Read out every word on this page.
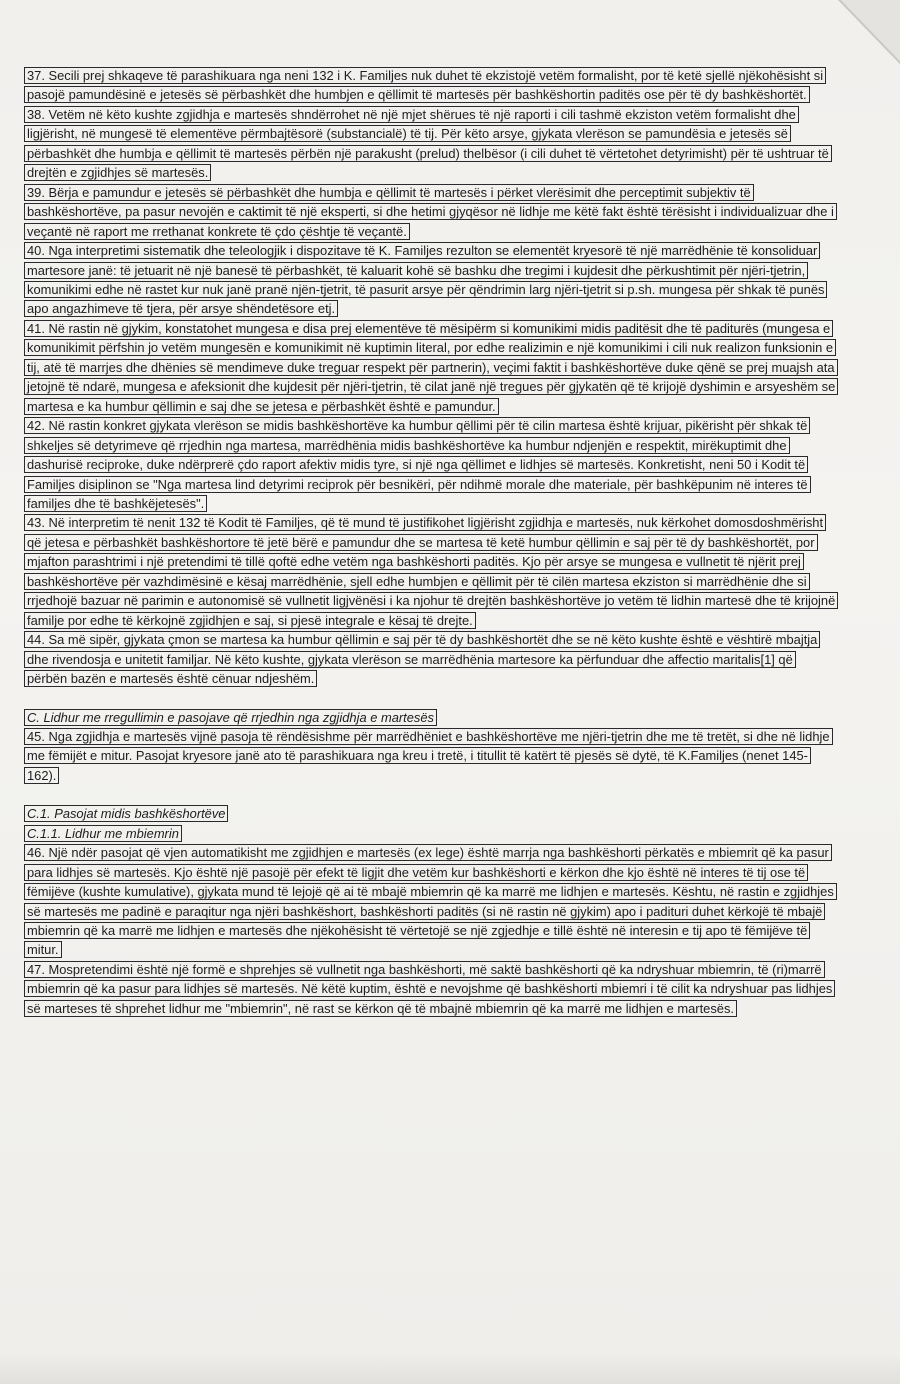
37. Secili prej shkaqeve të parashikuara nga neni 132 i K. Familjes nuk duhet të ekzistojë vetëm formalisht, por të ketë sjellë njëkohësisht si pasojë pamundësinë e jetesës së përbashkët dhe humbjen e qëllimit të martesës për bashkëshortin paditës ose për të dy bashkëshortët.

38. Vetëm në këto kushte zgjidhja e martesës shndërrohet në një mjet shërues të një raporti i cili tashmë ekziston vetëm formalisht dhe ligjërisht, në mungesë të elementëve përmbajtësorë (substancialë) të tij. Për këto arsye, gjykata vlerëson se pamundësia e jetesës së përbashkët dhe humbja e qëllimit të martesës përbën një parakusht (prelud) thelbësor (i cili duhet të vërtetohet detyrimisht) për të ushtruar të drejtën e zgjidhjes së martesës.

39. Bërja e pamundur e jetesës së përbashkët dhe humbja e qëllimit të martesës i përket vlerësimit dhe perceptimit subjektiv të bashkëshortëve, pa pasur nevojën e caktimit të një eksperti, si dhe hetimi gjyqësor në lidhje me këtë fakt është tërësisht i individualizuar dhe i veçantë në raport me rrethanat konkrete të çdo çështje të veçantë.

40. Nga interpretimi sistematik dhe teleologjik i dispozitave të K. Familjes rezulton se elementët kryesorë të një marrëdhënie të konsoliduar martesore janë: të jetuarit në një banesë të përbashkët, të kaluarit kohë së bashku dhe tregimi i kujdesit dhe përkushtimit për njëri-tjetrin, komunikimi edhe në rastet kur nuk janë pranë njën-tjetrit, të pasurit arsye për qëndrimin larg njëri-tjetrit si p.sh. mungesa për shkak të punës apo angazhimeve të tjera, për arsye shëndetësore etj.

41. Në rastin në gjykim, konstatohet mungesa e disa prej elementëve të mësipërm si komunikimi midis paditësit dhe të paditurës (mungesa e komunikimit përfshin jo vetëm mungesën e komunikimit në kuptimin literal, por edhe realizimin e një komunikimi i cili nuk realizon funksionin e tij, atë të marrjes dhe dhënies së mendimeve duke treguar respekt për partnerin), veçimi faktit i bashkëshortëve duke qënë se prej muajsh ata jetojnë të ndarë, mungesa e afeksionit dhe kujdesit për njëri-tjetrin, të cilat janë një tregues për gjykatën që të krijojë dyshimin e arsyeshëm se martesa e ka humbur qëllimin e saj dhe se jetesa e përbashkët është e pamundur.

42. Në rastin konkret gjykata vlerëson se midis bashkëshortëve ka humbur qëllimi për të cilin martesa është krijuar, pikërisht për shkak të shkeljes së detyrimeve që rrjedhin nga martesa, marrëdhënia midis bashkëshortëve ka humbur ndjenjën e respektit, mirëkuptimit dhe dashurisë reciproke, duke ndërprerë çdo raport afektiv midis tyre, si një nga qëllimet e lidhjes së martesës. Konkretisht, neni 50 i Kodit të Familjes disiplinon se "Nga martesa lind detyrimi reciprok për besnikëri, për ndihmë morale dhe materiale, për bashkëpunim në interes të familjes dhe të bashkëjetesës".

43. Në interpretim të nenit 132 të Kodit të Familjes, që të mund të justifikohet ligjërisht zgjidhja e martesës, nuk kërkohet domosdoshmërisht që jetesa e përbashkët bashkëshortore të jetë bërë e pamundur dhe se martesa të ketë humbur qëllimin e saj për të dy bashkëshortët, por mjafton parashtrimi i një pretendimi të tillë qoftë edhe vetëm nga bashkëshorti paditës. Kjo për arsye se mungesa e vullnetit të njërit prej bashkëshortëve për vazhdimësinë e kësaj marrëdhënie, sjell edhe humbjen e qëllimit për të cilën martesa ekziston si marrëdhënie dhe si rrjedhojë bazuar në parimin e autonomisë së vullnetit ligjvënësi i ka njohur të drejtën bashkëshortëve jo vetëm të lidhin martesë dhe të krijojnë familje por edhe të kërkojnë zgjidhjen e saj, si pjesë integrale e kësaj të drejte.

44. Sa më sipër, gjykata çmon se martesa ka humbur qëllimin e saj për të dy bashkëshortët dhe se në këto kushte është e vështirë mbajtja dhe rivendosja e unitetit familjar. Në këto kushte, gjykata vlerëson se marrëdhënia martesore ka përfunduar dhe affectio maritalis[1] që përbën bazën e martesës është cënuar ndjeshëm.

C. Lidhur me rregullimin e pasojave që rrjedhin nga zgjidhja e martesës

45. Nga zgjidhja e martesës vijnë pasoja të rëndësishme për marrëdhëniet e bashkëshortëve me njëri-tjetrin dhe me të tretët, si dhe në lidhje me fëmijët e mitur. Pasojat kryesore janë ato të parashikuara nga kreu i tretë, i titullit të katërt të pjesës së dytë, të K.Familjes (nenet 145-162).

C.1. Pasojat midis bashkëshortëve

C.1.1. Lidhur me mbiemrin

46. Një ndër pasojat që vjen automatikisht me zgjidhjen e martesës (ex lege) është marrja nga bashkëshorti përkatës e mbiemrit që ka pasur para lidhjes së martesës. Kjo është një pasojë për efekt të ligjit dhe vetëm kur bashkëshorti e kërkon dhe kjo është në interes të tij ose të fëmijëve (kushte kumulative), gjykata mund të lejojë që ai të mbajë mbiemrin që ka marrë me lidhjen e martesës. Kështu, në rastin e zgjidhjes së martesës me padinë e paraqitur nga njëri bashkëshort, bashkëshorti paditës (si në rastin në gjykim) apo i padituri duhet kërkojë të mbajë mbiemrin që ka marrë me lidhjen e martesës dhe njëkohësisht të vërtetojë se një zgjedhje e tillë është në interesin e tij apo të fëmijëve të mitur.

47. Mospretendimi është një formë e shprehjes së vullnetit nga bashkëshorti, më saktë bashkëshorti që ka ndryshuar mbiemrin, të (ri)marrë mbiemrin që ka pasur para lidhjes së martesës. Në këtë kuptim, është e nevojshme që bashkëshorti mbiemri i të cilit ka ndryshuar pas lidhjes së marteses të shprehet lidhur me "mbiemrin", në rast se kërkon që të mbajnë mbiemrin që ka marrë me lidhjen e martesës.
